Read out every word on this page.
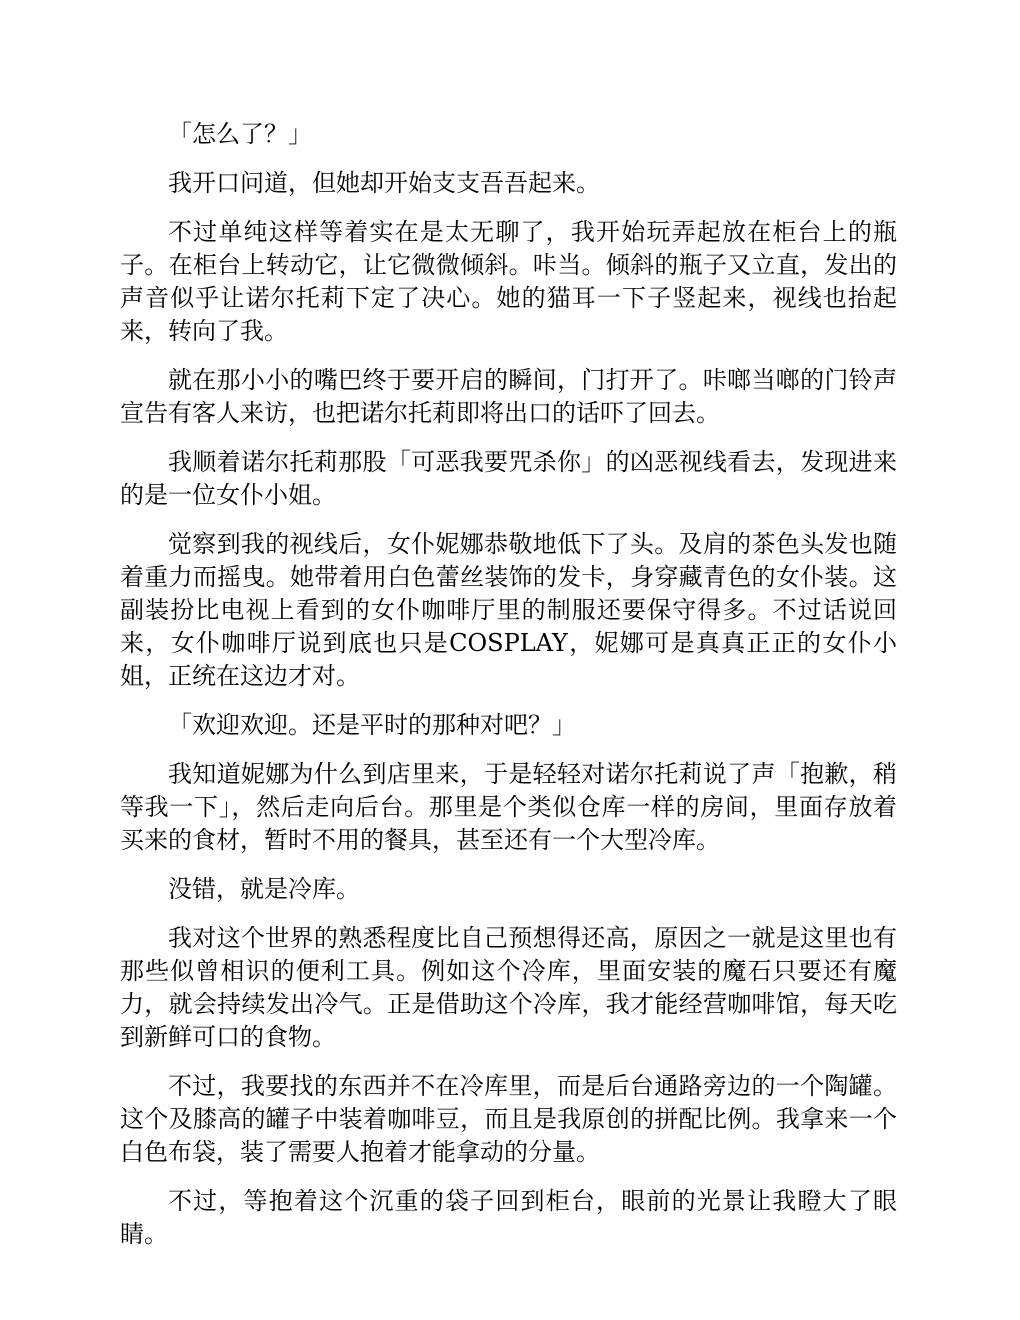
「怎么了？」

我开口问道，但她却开始支支吾吾起来。

不过单纯这样等着实在是太无聊了，我开始玩弄起放在柜台上的瓶子。在柜台上转动它，让它微微倾斜。咔当。倾斜的瓶子又立直，发出的声音似乎让诺尔托莉下定了决心。她的猫耳一下子竖起来，视线也抬起来，转向了我。

就在那小小的嘴巴终于要开启的瞬间，门打开了。咔啷当啷的门铃声宣告有客人来访，也把诺尔托莉即将出口的话吓了回去。

我顺着诺尔托莉那股「可恶我要咒杀你」的凶恶视线看去，发现进来的是一位女仆小姐。

觉察到我的视线后，女仆妮娜恭敬地低下了头。及肩的茶色头发也随着重力而摇曳。她带着用白色蕾丝装饰的发卡，身穿藏青色的女仆装。这副装扮比电视上看到的女仆咖啡厅里的制服还要保守得多。不过话说回来，女仆咖啡厅说到底也只是COSPLAY，妮娜可是真真正正的女仆小姐，正统在这边才对。

「欢迎欢迎。还是平时的那种对吧？」

我知道妮娜为什么到店里来，于是轻轻对诺尔托莉说了声「抱歉，稍等我一下」，然后走向后台。那里是个类似仓库一样的房间，里面存放着买来的食材，暂时不用的餐具，甚至还有一个大型冷库。

没错，就是冷库。

我对这个世界的熟悉程度比自己预想得还高，原因之一就是这里也有那些似曾相识的便利工具。例如这个冷库，里面安装的魔石只要还有魔力，就会持续发出冷气。正是借助这个冷库，我才能经营咖啡馆，每天吃到新鲜可口的食物。

不过，我要找的东西并不在冷库里，而是后台通路旁边的一个陶罐。这个及膝高的罐子中装着咖啡豆，而且是我原创的拼配比例。我拿来一个白色布袋，装了需要人抱着才能拿动的分量。

不过，等抱着这个沉重的袋子回到柜台，眼前的光景让我瞪大了眼睛。
